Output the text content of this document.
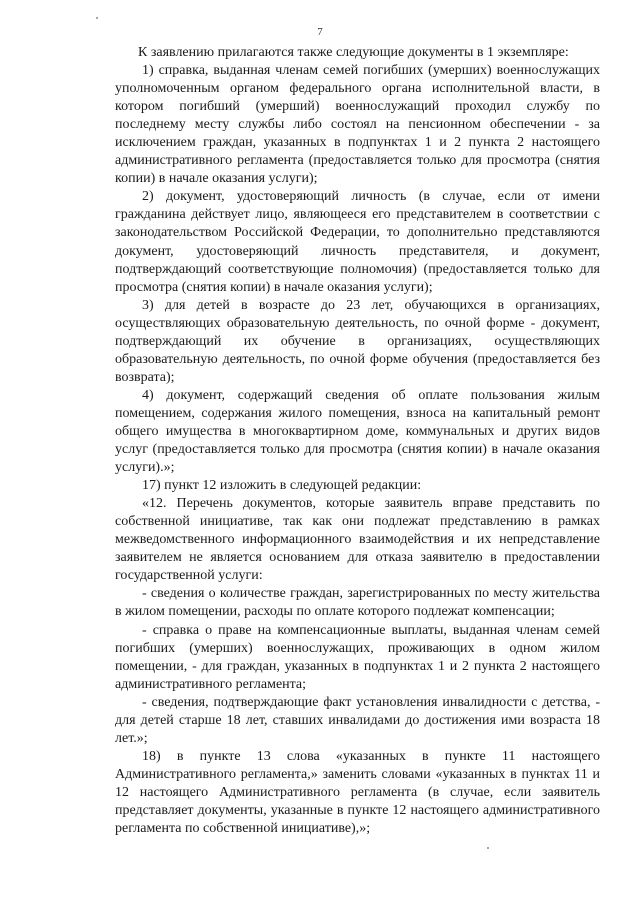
7

К заявлению прилагаются также следующие документы в 1 экземпляре:

1) справка, выданная членам семей погибших (умерших) военнослужащих уполномоченным органом федерального органа исполнительной власти, в котором погибший (умерший) военнослужащий проходил службу по последнему месту службы либо состоял на пенсионном обеспечении - за исключением граждан, указанных в подпунктах 1 и 2 пункта 2 настоящего административного регламента (предоставляется только для просмотра (снятия копии) в начале оказания услуги);

2) документ, удостоверяющий личность (в случае, если от имени гражданина действует лицо, являющееся его представителем в соответствии с законодательством Российской Федерации, то дополнительно представляются документ, удостоверяющий личность представителя, и документ, подтверждающий соответствующие полномочия) (предоставляется только для просмотра (снятия копии) в начале оказания услуги);

3) для детей в возрасте до 23 лет, обучающихся в организациях, осуществляющих образовательную деятельность, по очной форме - документ, подтверждающий их обучение в организациях, осуществляющих образовательную деятельность, по очной форме обучения (предоставляется без возврата);

4) документ, содержащий сведения об оплате пользования жилым помещением, содержания жилого помещения, взноса на капитальный ремонт общего имущества в многоквартирном доме, коммунальных и других видов услуг (предоставляется только для просмотра (снятия копии) в начале оказания услуги).»;

17) пункт 12 изложить в следующей редакции:

«12. Перечень документов, которые заявитель вправе представить по собственной инициативе, так как они подлежат представлению в рамках межведомственного информационного взаимодействия и их непредставление заявителем не является основанием для отказа заявителю в предоставлении государственной услуги:

- сведения о количестве граждан, зарегистрированных по месту жительства в жилом помещении, расходы по оплате которого подлежат компенсации;

- справка о праве на компенсационные выплаты, выданная членам семей погибших (умерших) военнослужащих, проживающих в одном жилом помещении, - для граждан, указанных в подпунктах 1 и 2 пункта 2 настоящего административного регламента;

- сведения, подтверждающие факт установления инвалидности с детства, - для детей старше 18 лет, ставших инвалидами до достижения ими возраста 18 лет.»;

18) в пункте 13 слова «указанных в пункте 11 настоящего Административного регламента,» заменить словами «указанных в пунктах 11 и 12 настоящего Административного регламента (в случае, если заявитель представляет документы, указанные в пункте 12 настоящего административного регламента по собственной инициативе),»;
